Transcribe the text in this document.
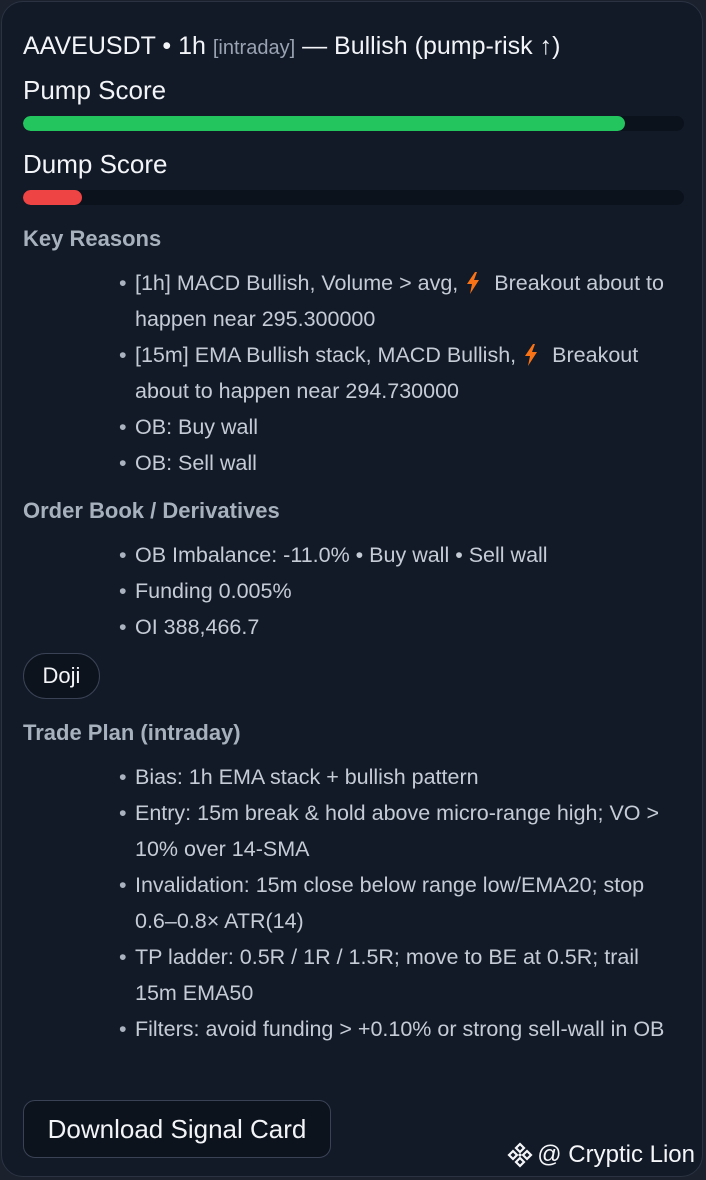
AAVEUSDT • 1h [intraday] — Bullish (pump-risk ↑)

Pump Score

Dump Score

Key Reasons
• [1h] MACD Bullish, Volume > avg, Breakout about to happen near 295.300000
• [15m] EMA Bullish stack, MACD Bullish, Breakout about to happen near 294.730000
• OB: Buy wall
• OB: Sell wall
Order Book / Derivatives
• OB Imbalance: -11.0% • Buy wall • Sell wall
• Funding 0.005%
• OI 388,466.7
Doji
Trade Plan (intraday)
• Bias: 1h EMA stack + bullish pattern
• Entry: 15m break & hold above micro-range high; VO > 10% over 14-SMA
• Invalidation: 15m close below range low/EMA20; stop 0.6–0.8× ATR(14)
• TP ladder: 0.5R / 1R / 1.5R; move to BE at 0.5R; trail 15m EMA50
• Filters: avoid funding > +0.10% or strong sell-wall in OB
Download Signal Card
@ Cryptic Lion
